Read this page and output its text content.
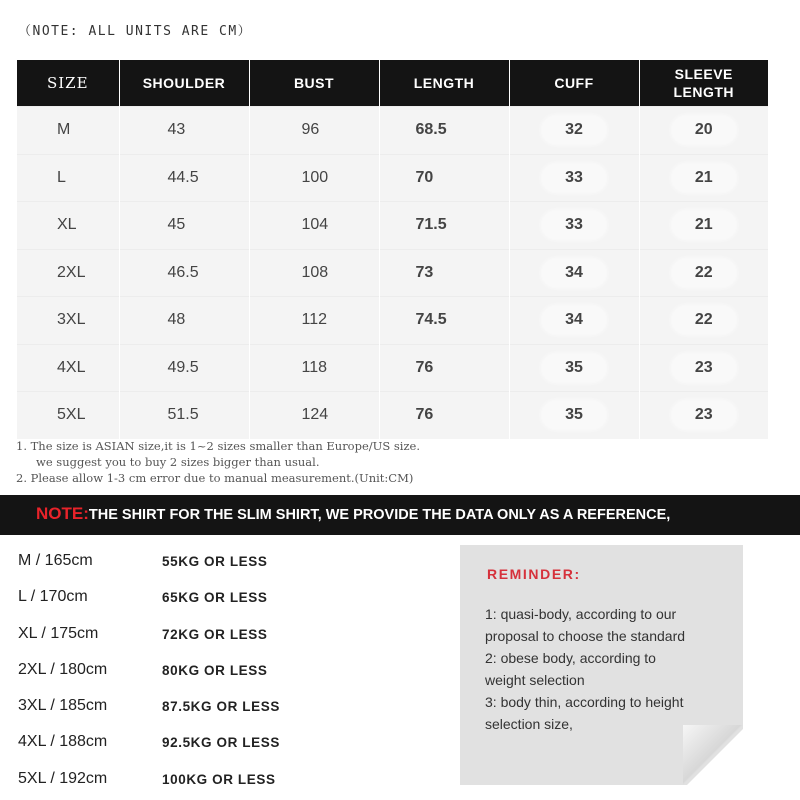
（NOTE: ALL UNITS ARE CM）
SIZE	SHOULDER	BUST	LENGTH	CUFF	SLEEVE
LENGTH
M	43	96	68.5	32	20
L	44.5	100	70	33	21
XL	45	104	71.5	33	21
2XL	46.5	108	73	34	22
3XL	48	112	74.5	34	22
4XL	49.5	118	76	35	23
5XL	51.5	124	76	35	23
1. The size is ASIAN size,it is 1~2 sizes smaller than Europe/US size.
we suggest you to buy 2 sizes bigger than usual.
2. Please allow 1-3 cm error due to manual measurement.(Unit:CM)
NOTE:THE SHIRT FOR THE SLIM SHIRT, WE PROVIDE THE DATA ONLY AS A REFERENCE,
M / 165cm	55KG OR LESS
L / 170cm	65KG OR LESS
XL / 175cm	72KG OR LESS
2XL / 180cm	80KG OR LESS
3XL / 185cm	87.5KG OR LESS
4XL / 188cm	92.5KG OR LESS
5XL / 192cm	100KG OR LESS
REMINDER:
1: quasi-body, according to our
proposal to choose the standard
2: obese body, according to
weight selection
3: body thin, according to height
selection size,
